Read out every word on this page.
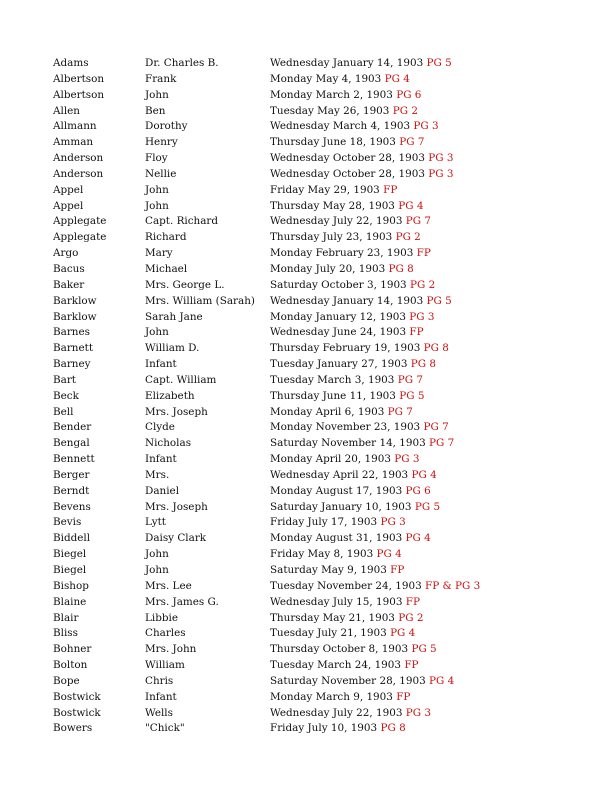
Adams	Dr. Charles B.	Wednesday January 14, 1903 PG 5
Albertson	Frank	Monday May 4, 1903 PG 4
Albertson	John	Monday March 2, 1903 PG 6
Allen	Ben	Tuesday May 26, 1903 PG 2
Allmann	Dorothy	Wednesday March 4, 1903 PG 3
Amman	Henry	Thursday June 18, 1903 PG 7
Anderson	Floy	Wednesday October 28, 1903 PG 3
Anderson	Nellie	Wednesday October 28, 1903 PG 3
Appel	John	Friday May 29, 1903 FP
Appel	John	Thursday May 28, 1903 PG 4
Applegate	Capt. Richard	Wednesday July 22, 1903 PG 7
Applegate	Richard	Thursday July 23, 1903 PG 2
Argo	Mary	Monday February 23, 1903 FP
Bacus	Michael	Monday July 20, 1903 PG 8
Baker	Mrs. George L.	Saturday October 3, 1903 PG 2
Barklow	Mrs. William (Sarah) Wednesday January 14, 1903 PG 5
Barklow	Sarah Jane	Monday January 12, 1903 PG 3
Barnes	John	Wednesday June 24, 1903 FP
Barnett	William D.	Thursday February 19, 1903 PG 8
Barney	Infant	Tuesday January 27, 1903 PG 8
Bart	Capt. William	Tuesday March 3, 1903 PG 7
Beck	Elizabeth	Thursday June 11, 1903 PG 5
Bell	Mrs. Joseph	Monday April 6, 1903 PG 7
Bender	Clyde	Monday November 23, 1903 PG 7
Bengal	Nicholas	Saturday November 14, 1903 PG 7
Bennett	Infant	Monday April 20, 1903 PG 3
Berger	Mrs.	Wednesday April 22, 1903 PG 4
Berndt	Daniel	Monday August 17, 1903 PG 6
Bevens	Mrs. Joseph	Saturday January 10, 1903 PG 5
Bevis	Lytt	Friday July 17, 1903 PG 3
Biddell	Daisy Clark	Monday August 31, 1903 PG 4
Biegel	John	Friday May 8, 1903 PG 4
Biegel	John	Saturday May 9, 1903 FP
Bishop	Mrs. Lee	Tuesday November 24, 1903 FP & PG 3
Blaine	Mrs. James G.	Wednesday July 15, 1903 FP
Blair	Libbie	Thursday May 21, 1903 PG 2
Bliss	Charles	Tuesday July 21, 1903 PG 4
Bohner	Mrs. John	Thursday October 8, 1903 PG 5
Bolton	William	Tuesday March 24, 1903 FP
Bope	Chris	Saturday November 28, 1903 PG 4
Bostwick	Infant	Monday March 9, 1903 FP
Bostwick	Wells	Wednesday July 22, 1903 PG 3
Bowers	"Chick"	Friday July 10, 1903 PG 8
